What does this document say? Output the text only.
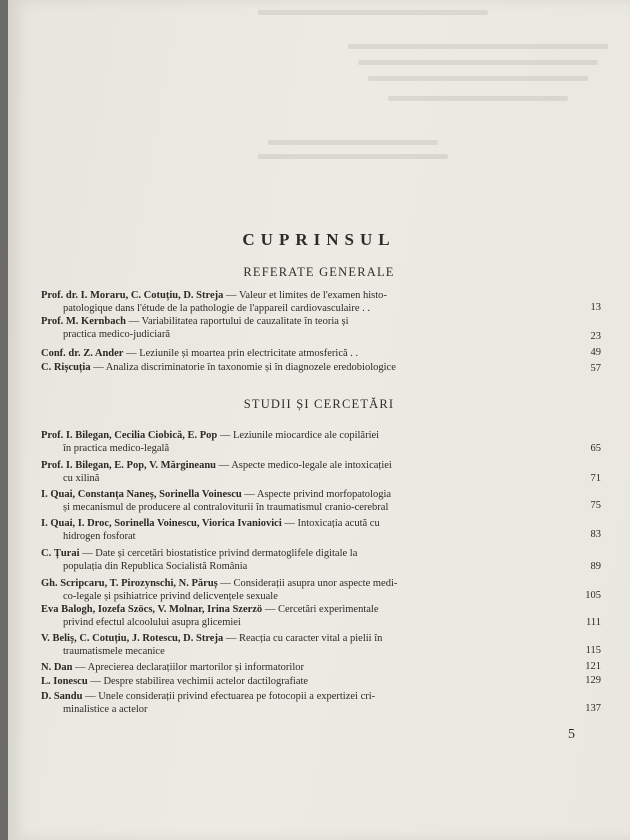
CUPRINSUL
REFERATE GENERALE
Prof. dr. I. Moraru, C. Cotuțiu, D. Streja — Valeur et limites de l'examen histo-
patologique dans l'étude de la pathologie de l'appareil cardiovasculaire . .	13
Prof. M. Kernbach — Variabilitatea raportului de cauzalitate în teoria și
practica medico-judiciară	23
Conf. dr. Z. Ander — Leziunile și moartea prin electricitate atmosferică . .	49
C. Rișcuția — Analiza discriminatorie în taxonomie și în diagnozele eredobiologice	57
STUDII ȘI CERCETĂRI
Prof. I. Bilegan, Cecilia Ciobică, E. Pop — Leziunile miocardice ale copilăriei
în practica medico-legală	65
Prof. I. Bilegan, E. Pop, V. Mărgineanu — Aspecte medico-legale ale intoxicației
cu xilină	71
I. Quai, Constanța Naneș, Sorinella Voinescu — Aspecte privind morfopatologia
și mecanismul de producere al contraloviturii în traumatismul cranio-cerebral	75
I. Quai, I. Droc, Sorinella Voinescu, Viorica Ivaniovici — Intoxicația acută cu
hidrogen fosforat	83
C. Țurai — Date și cercetări biostatistice privind dermatoglifele digitale la
populația din Republica Socialistă România	89
Gh. Scripcaru, T. Pirozynschi, N. Păruș — Considerații asupra unor aspecte medi-
co-legale și psihiatrice privind delicvențele sexuale	105
Eva Balogh, Iozefa Szöcs, V. Molnar, Irina Szerzö — Cercetări experimentale
privind efectul alcoolului asupra glicemiei	111
V. Beliș, C. Cotuțiu, J. Rotescu, D. Streja — Reacția cu caracter vital a pielii în
traumatismele mecanice	115
N. Dan — Aprecierea declarațiilor martorilor și informatorilor	121
L. Ionescu — Despre stabilirea vechimii actelor dactilografiate	129
D. Sandu — Unele considerații privind efectuarea pe fotocopii a expertizei cri-
minalistice a actelor	137
5
